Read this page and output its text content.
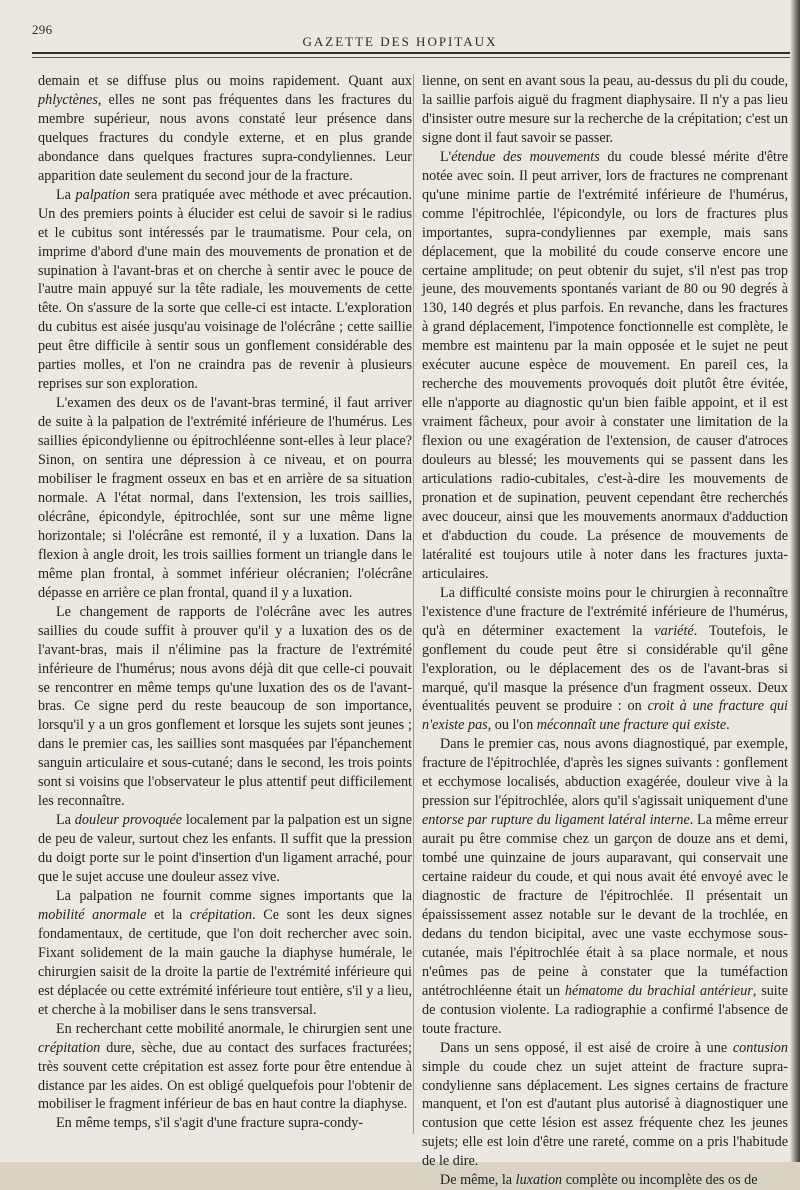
296
GAZETTE DES HOPITAUX

demain et se diffuse plus ou moins rapidement. Quant aux phlyctènes, elles ne sont pas fréquentes dans les fractures du membre supérieur, nous avons constaté leur présence dans quelques fractures du condyle externe, et en plus grande abondance dans quelques fractures supra-condyliennes. Leur apparition date seulement du second jour de la fracture.

La palpation sera pratiquée avec méthode et avec précaution. Un des premiers points à élucider est celui de savoir si le radius et le cubitus sont intéressés par le traumatisme. Pour cela, on imprime d'abord d'une main des mouvements de pronation et de supination à l'avant-bras et on cherche à sentir avec le pouce de l'autre main appuyé sur la tête radiale, les mouvements de cette tête. On s'assure de la sorte que celle-ci est intacte. L'exploration du cubitus est aisée jusqu'au voisinage de l'olécrâne ; cette saillie peut être difficile à sentir sous un gonflement considérable des parties molles, et l'on ne craindra pas de revenir à plusieurs reprises sur son exploration.

L'examen des deux os de l'avant-bras terminé, il faut arriver de suite à la palpation de l'extrémité inférieure de l'humérus. Les saillies épicondylienne ou épitrochléenne sont-elles à leur place? Sinon, on sentira une dépression à ce niveau, et on pourra mobiliser le fragment osseux en bas et en arrière de sa situation normale. A l'état normal, dans l'extension, les trois saillies, olécrâne, épicondyle, épitrochlée, sont sur une même ligne horizontale; si l'olécrâne est remonté, il y a luxation. Dans la flexion à angle droit, les trois saillies forment un triangle dans le même plan frontal, à sommet inférieur olécranien; l'olécrâne dépasse en arrière ce plan frontal, quand il y a luxation.

Le changement de rapports de l'olécrâne avec les autres saillies du coude suffit à prouver qu'il y a luxation des os de l'avant-bras, mais il n'élimine pas la fracture de l'extrémité inférieure de l'humérus; nous avons déjà dit que celle-ci pouvait se rencontrer en même temps qu'une luxation des os de l'avant-bras. Ce signe perd du reste beaucoup de son importance, lorsqu'il y a un gros gonflement et lorsque les sujets sont jeunes ; dans le premier cas, les saillies sont masquées par l'épanchement sanguin articulaire et sous-cutané; dans le second, les trois points sont si voisins que l'observateur le plus attentif peut difficilement les reconnaître.

La douleur provoquée localement par la palpation est un signe de peu de valeur, surtout chez les enfants. Il suffit que la pression du doigt porte sur le point d'insertion d'un ligament arraché, pour que le sujet accuse une douleur assez vive.

La palpation ne fournit comme signes importants que la mobilité anormale et la crépitation. Ce sont les deux signes fondamentaux, de certitude, que l'on doit rechercher avec soin. Fixant solidement de la main gauche la diaphyse humérale, le chirurgien saisit de la droite la partie de l'extrémité inférieure qui est déplacée ou cette extrémité inférieure tout entière, s'il y a lieu, et cherche à la mobiliser dans le sens transversal.

En recherchant cette mobilité anormale, le chirurgien sent une crépitation dure, sèche, due au contact des surfaces fracturées; très souvent cette crépitation est assez forte pour être entendue à distance par les aides. On est obligé quelquefois pour l'obtenir de mobiliser le fragment inférieur de bas en haut contre la diaphyse.

En même temps, s'il s'agit d'une fracture supra-condy-

lienne, on sent en avant sous la peau, au-dessus du pli du coude, la saillie parfois aiguë du fragment diaphysaire. Il n'y a pas lieu d'insister outre mesure sur la recherche de la crépitation; c'est un signe dont il faut savoir se passer.

L'étendue des mouvements du coude blessé mérite d'être notée avec soin. Il peut arriver, lors de fractures ne comprenant qu'une minime partie de l'extrémité inférieure de l'humérus, comme l'épitrochlée, l'épicondyle, ou lors de fractures plus importantes, supra-condyliennes par exemple, mais sans déplacement, que la mobilité du coude conserve encore une certaine amplitude; on peut obtenir du sujet, s'il n'est pas trop jeune, des mouvements spontanés variant de 80 ou 90 degrés à 130, 140 degrés et plus parfois. En revanche, dans les fractures à grand déplacement, l'impotence fonctionnelle est complète, le membre est maintenu par la main opposée et le sujet ne peut exécuter aucune espèce de mouvement. En pareil ces, la recherche des mouvements provoqués doit plutôt être évitée, elle n'apporte au diagnostic qu'un bien faible appoint, et il est vraiment fâcheux, pour avoir à constater une limitation de la flexion ou une exagération de l'extension, de causer d'atroces douleurs au blessé; les mouvements qui se passent dans les articulations radio-cubitales, c'est-à-dire les mouvements de pronation et de supination, peuvent cependant être recherchés avec douceur, ainsi que les mouvements anormaux d'adduction et d'abduction du coude. La présence de mouvements de latéralité est toujours utile à noter dans les fractures juxta-articulaires.

La difficulté consiste moins pour le chirurgien à reconnaître l'existence d'une fracture de l'extrémité inférieure de l'humérus, qu'à en déterminer exactement la variété. Toutefois, le gonflement du coude peut être si considérable qu'il gêne l'exploration, ou le déplacement des os de l'avant-bras si marqué, qu'il masque la présence d'un fragment osseux. Deux éventualités peuvent se produire : on croit à une fracture qui n'existe pas, ou l'on méconnaît une fracture qui existe.

Dans le premier cas, nous avons diagnostiqué, par exemple, fracture de l'épitrochlée, d'après les signes suivants : gonflement et ecchymose localisés, abduction exagérée, douleur vive à la pression sur l'épitrochlée, alors qu'il s'agissait uniquement d'une entorse par rupture du ligament latéral interne. La même erreur aurait pu être commise chez un garçon de douze ans et demi, tombé une quinzaine de jours auparavant, qui conservait une certaine raideur du coude, et qui nous avait été envoyé avec le diagnostic de fracture de l'épitrochlée. Il présentait un épaississement assez notable sur le devant de la trochlée, en dedans du tendon bicipital, avec une vaste ecchymose sous-cutanée, mais l'épitrochlée était à sa place normale, et nous n'eûmes pas de peine à constater que la tuméfaction antétrochléenne était un hématome du brachial antérieur, suite de contusion violente. La radiographie a confirmé l'absence de toute fracture.

Dans un sens opposé, il est aisé de croire à une contusion simple du coude chez un sujet atteint de fracture supra-condylienne sans déplacement. Les signes certains de fracture manquent, et l'on est d'autant plus autorisé à diagnostiquer une contusion que cette lésion est assez fréquente chez les jeunes sujets; elle est loin d'être une rareté, comme on a pris l'habitude de le dire.

De même, la luxation complète ou incomplète des os de
